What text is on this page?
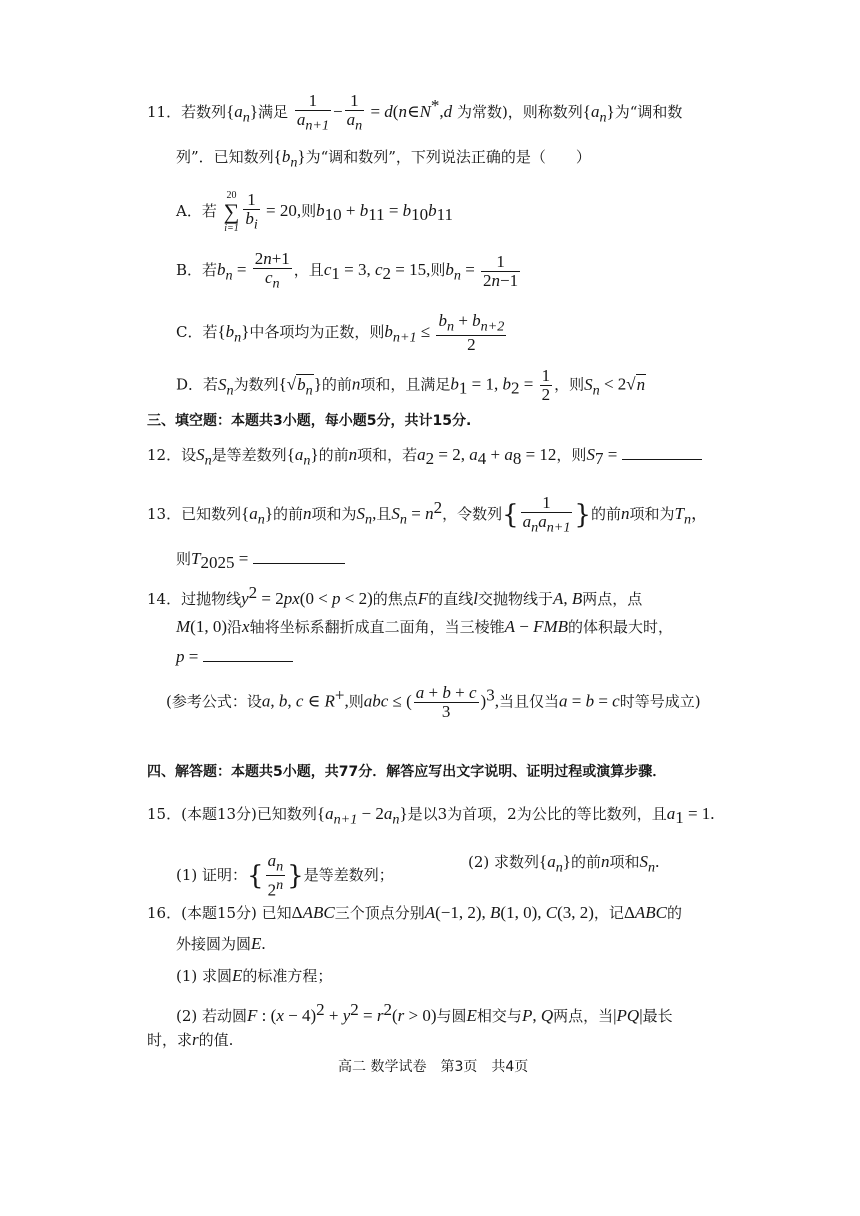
11．若数列$\{a_n\}$满足 $\frac{1}{a_{n+1}} - \frac{1}{a_n}$ = d(n∈N*,d 为常数)，则称数列$\{a_n\}$为“调和数
列”．已知数列$\{b_n\}$为“调和数列”，下列说法正确的是（　　）
A．若
20
∑
$i=1 \frac{1}{b_i} = 20$,则$b_{10} + b_{11} = b_{10}b_{11}$
B．若$b_n = \frac{2n+1}{c_n}$ ，且$c_1 = 3$, $c_2 = 15$,则$b_n = \frac{1}{2n-1}$
C．若$\{b_n\}$中各项均为正数，则$b_{n+1} \le \frac{b_n + b_{n+2}}{2}$
D．若$S_n$为数列$\{√b_n\}$的前n项和，且满足$b_1 = 1$, $b_2 = \frac{1}{2}$ ，则$S_n < 2√n$
三、填空题：本题共3小题，每小题5分，共计15分.
12．设$S_n$是等差数列$\{a_n\}$的前n项和，若$a_2 = 2$, $a_4 + a_8 = 12$，则$S_7$ =
13．已知数列$\{a_n\}$的前n项和为$S_n$,且$S_n = n^2$，令数列{ $\frac{1}{a_na_{n+1}}$ }的前n项和为$T_n$，
则$T_{2025}$ =
14．过抛物线$y^2 = 2px(0 < p < 2)$的焦点F的直线l交抛物线于A, B两点，点
M(1, 0)沿x轴将坐标系翻折成直二面角，当三棱锥A − FMB的体积最大时，
p =
(参考公式：设a, b, c ∈ R+,则abc ≤ ( $\frac{a + b + c}{3} )^3$,当且仅当a = b = c时等号成立)
四、解答题：本题共5小题，共77分．解答应写出文字说明、证明过程或演算步骤．
15．(本题13分)已知数列$\{a_{n+1} - 2a_n\}$是以3为首项，2为公比的等比数列，且$a_1 = 1$.
(1) 证明：{ $\frac{a_n}{2^n}$ }是等差数列；
(2) 求数列$\{a_n\}$的前n项和$S_n$.
16．(本题15分) 已知ΔABC三个顶点分别A(−1, 2), B(1, 0), C(3, 2)，记ΔABC的
外接圆为圆E.
(1) 求圆E的标准方程；
(2) 若动圆F : $(x - 4)^2 + y^2 = r^2(r > 0)$与圆E相交与P, Q两点，当|PQ|最长
时，求r的值.
高二 数学试卷　第3页　共4页
